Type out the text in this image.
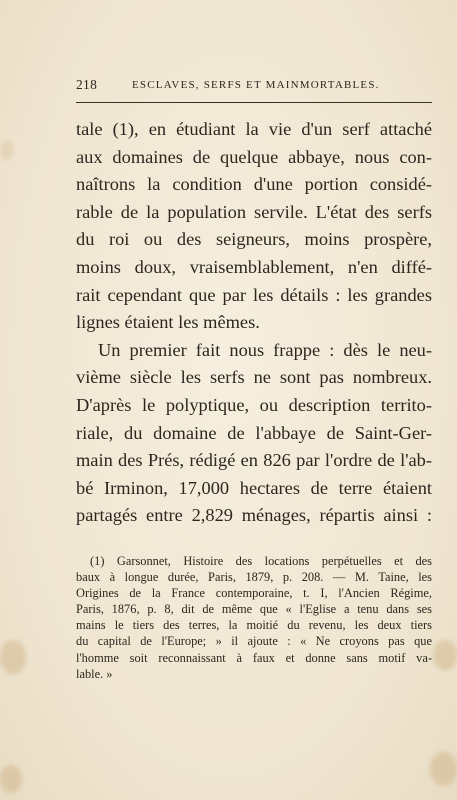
218	ESCLAVES, SERFS ET MAINMORTABLES.
tale (1), en étudiant la vie d'un serf attaché
aux domaines de quelque abbaye, nous con-
naîtrons la condition d'une portion considé-
rable de la population servile. L'état des serfs
du roi ou des seigneurs, moins prospère,
moins doux, vraisemblablement, n'en diffé-
rait cependant que par les détails : les grandes
lignes étaient les mêmes.
Un premier fait nous frappe : dès le neu-
vième siècle les serfs ne sont pas nombreux.
D'après le polyptique, ou description territo-
riale, du domaine de l'abbaye de Saint-Ger-
main des Prés, rédigé en 826 par l'ordre de l'ab-
bé Irminon, 17,000 hectares de terre étaient
partagés entre 2,829 ménages, répartis ainsi :
(1) Garsonnet, Histoire des locations perpétuelles et des
baux à longue durée, Paris, 1879, p. 208. — M. Taine, les
Origines de la France contemporaine, t. I, l'Ancien Régime,
Paris, 1876, p. 8, dit de même que « l'Eglise a tenu dans ses
mains le tiers des terres, la moitié du revenu, les deux tiers
du capital de l'Europe; » il ajoute : « Ne croyons pas que
l'homme soit reconnaissant à faux et donne sans motif va-
lable. »
